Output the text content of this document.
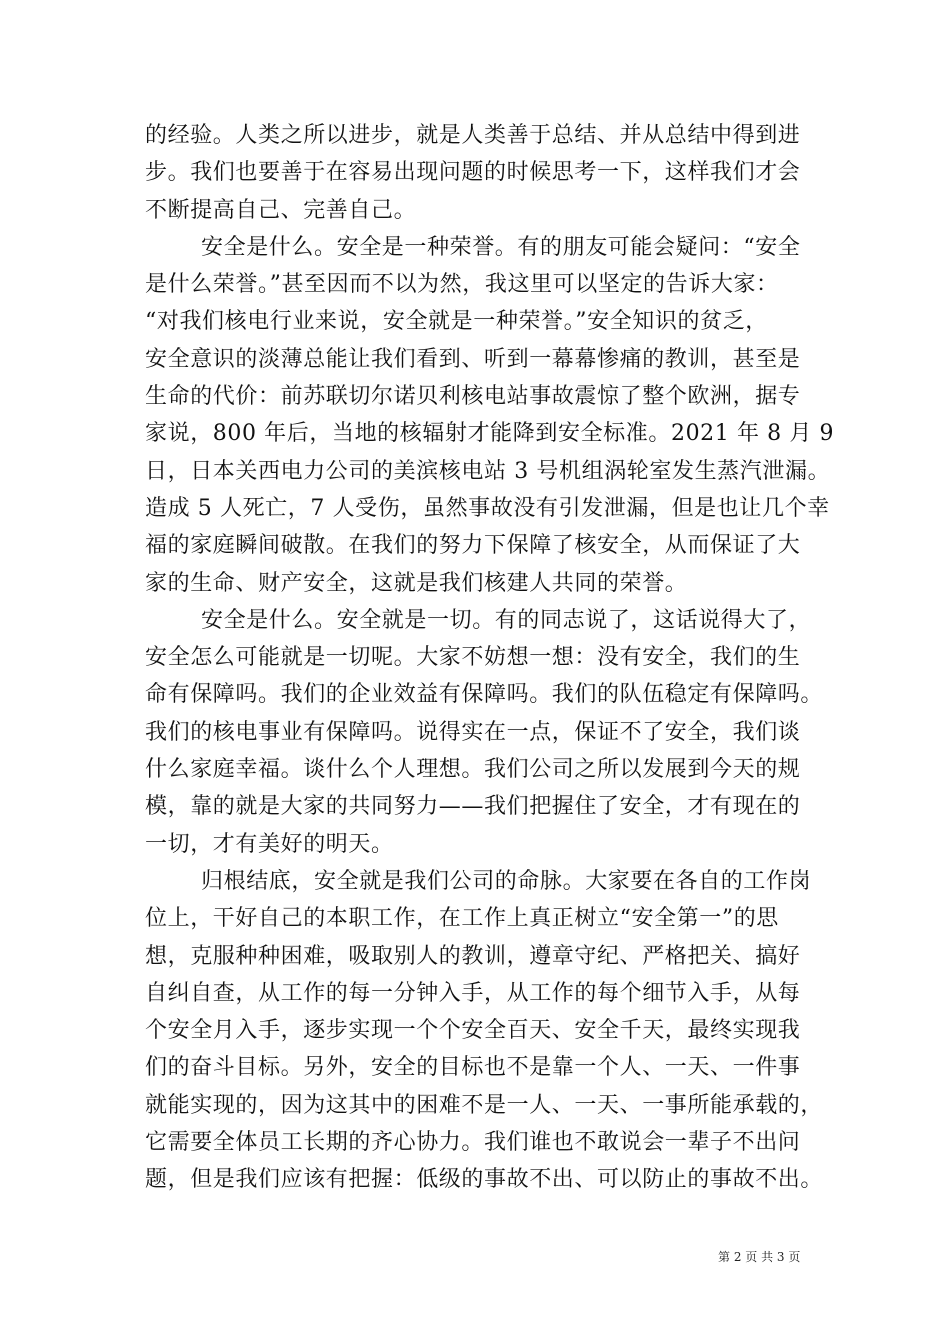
的经验。人类之所以进步，就是人类善于总结、并从总结中得到进
步。我们也要善于在容易出现问题的时候思考一下，这样我们才会
不断提高自己、完善自己。
安全是什么。安全是一种荣誉。有的朋友可能会疑问：“安全
是什么荣誉。”甚至因而不以为然，我这里可以坚定的告诉大家：
“对我们核电行业来说，安全就是一种荣誉。”安全知识的贫乏，
安全意识的淡薄总能让我们看到、听到一幕幕惨痛的教训，甚至是
生命的代价：前苏联切尔诺贝利核电站事故震惊了整个欧洲，据专
家说，800 年后，当地的核辐射才能降到安全标准。2021 年 8 月 9
日，日本关西电力公司的美滨核电站 3 号机组涡轮室发生蒸汽泄漏。
造成 5 人死亡，7 人受伤，虽然事故没有引发泄漏，但是也让几个幸
福的家庭瞬间破散。在我们的努力下保障了核安全，从而保证了大
家的生命、财产安全，这就是我们核建人共同的荣誉。
安全是什么。安全就是一切。有的同志说了，这话说得大了，
安全怎么可能就是一切呢。大家不妨想一想：没有安全，我们的生
命有保障吗。我们的企业效益有保障吗。我们的队伍稳定有保障吗。
我们的核电事业有保障吗。说得实在一点，保证不了安全，我们谈
什么家庭幸福。谈什么个人理想。我们公司之所以发展到今天的规
模，靠的就是大家的共同努力——我们把握住了安全，才有现在的
一切，才有美好的明天。
归根结底，安全就是我们公司的命脉。大家要在各自的工作岗
位上，干好自己的本职工作，在工作上真正树立“安全第一”的思
想，克服种种困难，吸取别人的教训，遵章守纪、严格把关、搞好
自纠自查，从工作的每一分钟入手，从工作的每个细节入手，从每
个安全月入手，逐步实现一个个安全百天、安全千天，最终实现我
们的奋斗目标。另外，安全的目标也不是靠一个人、一天、一件事
就能实现的，因为这其中的困难不是一人、一天、一事所能承载的，
它需要全体员工长期的齐心协力。我们谁也不敢说会一辈子不出问
题，但是我们应该有把握：低级的事故不出、可以防止的事故不出。
第 2 页 共 3 页
